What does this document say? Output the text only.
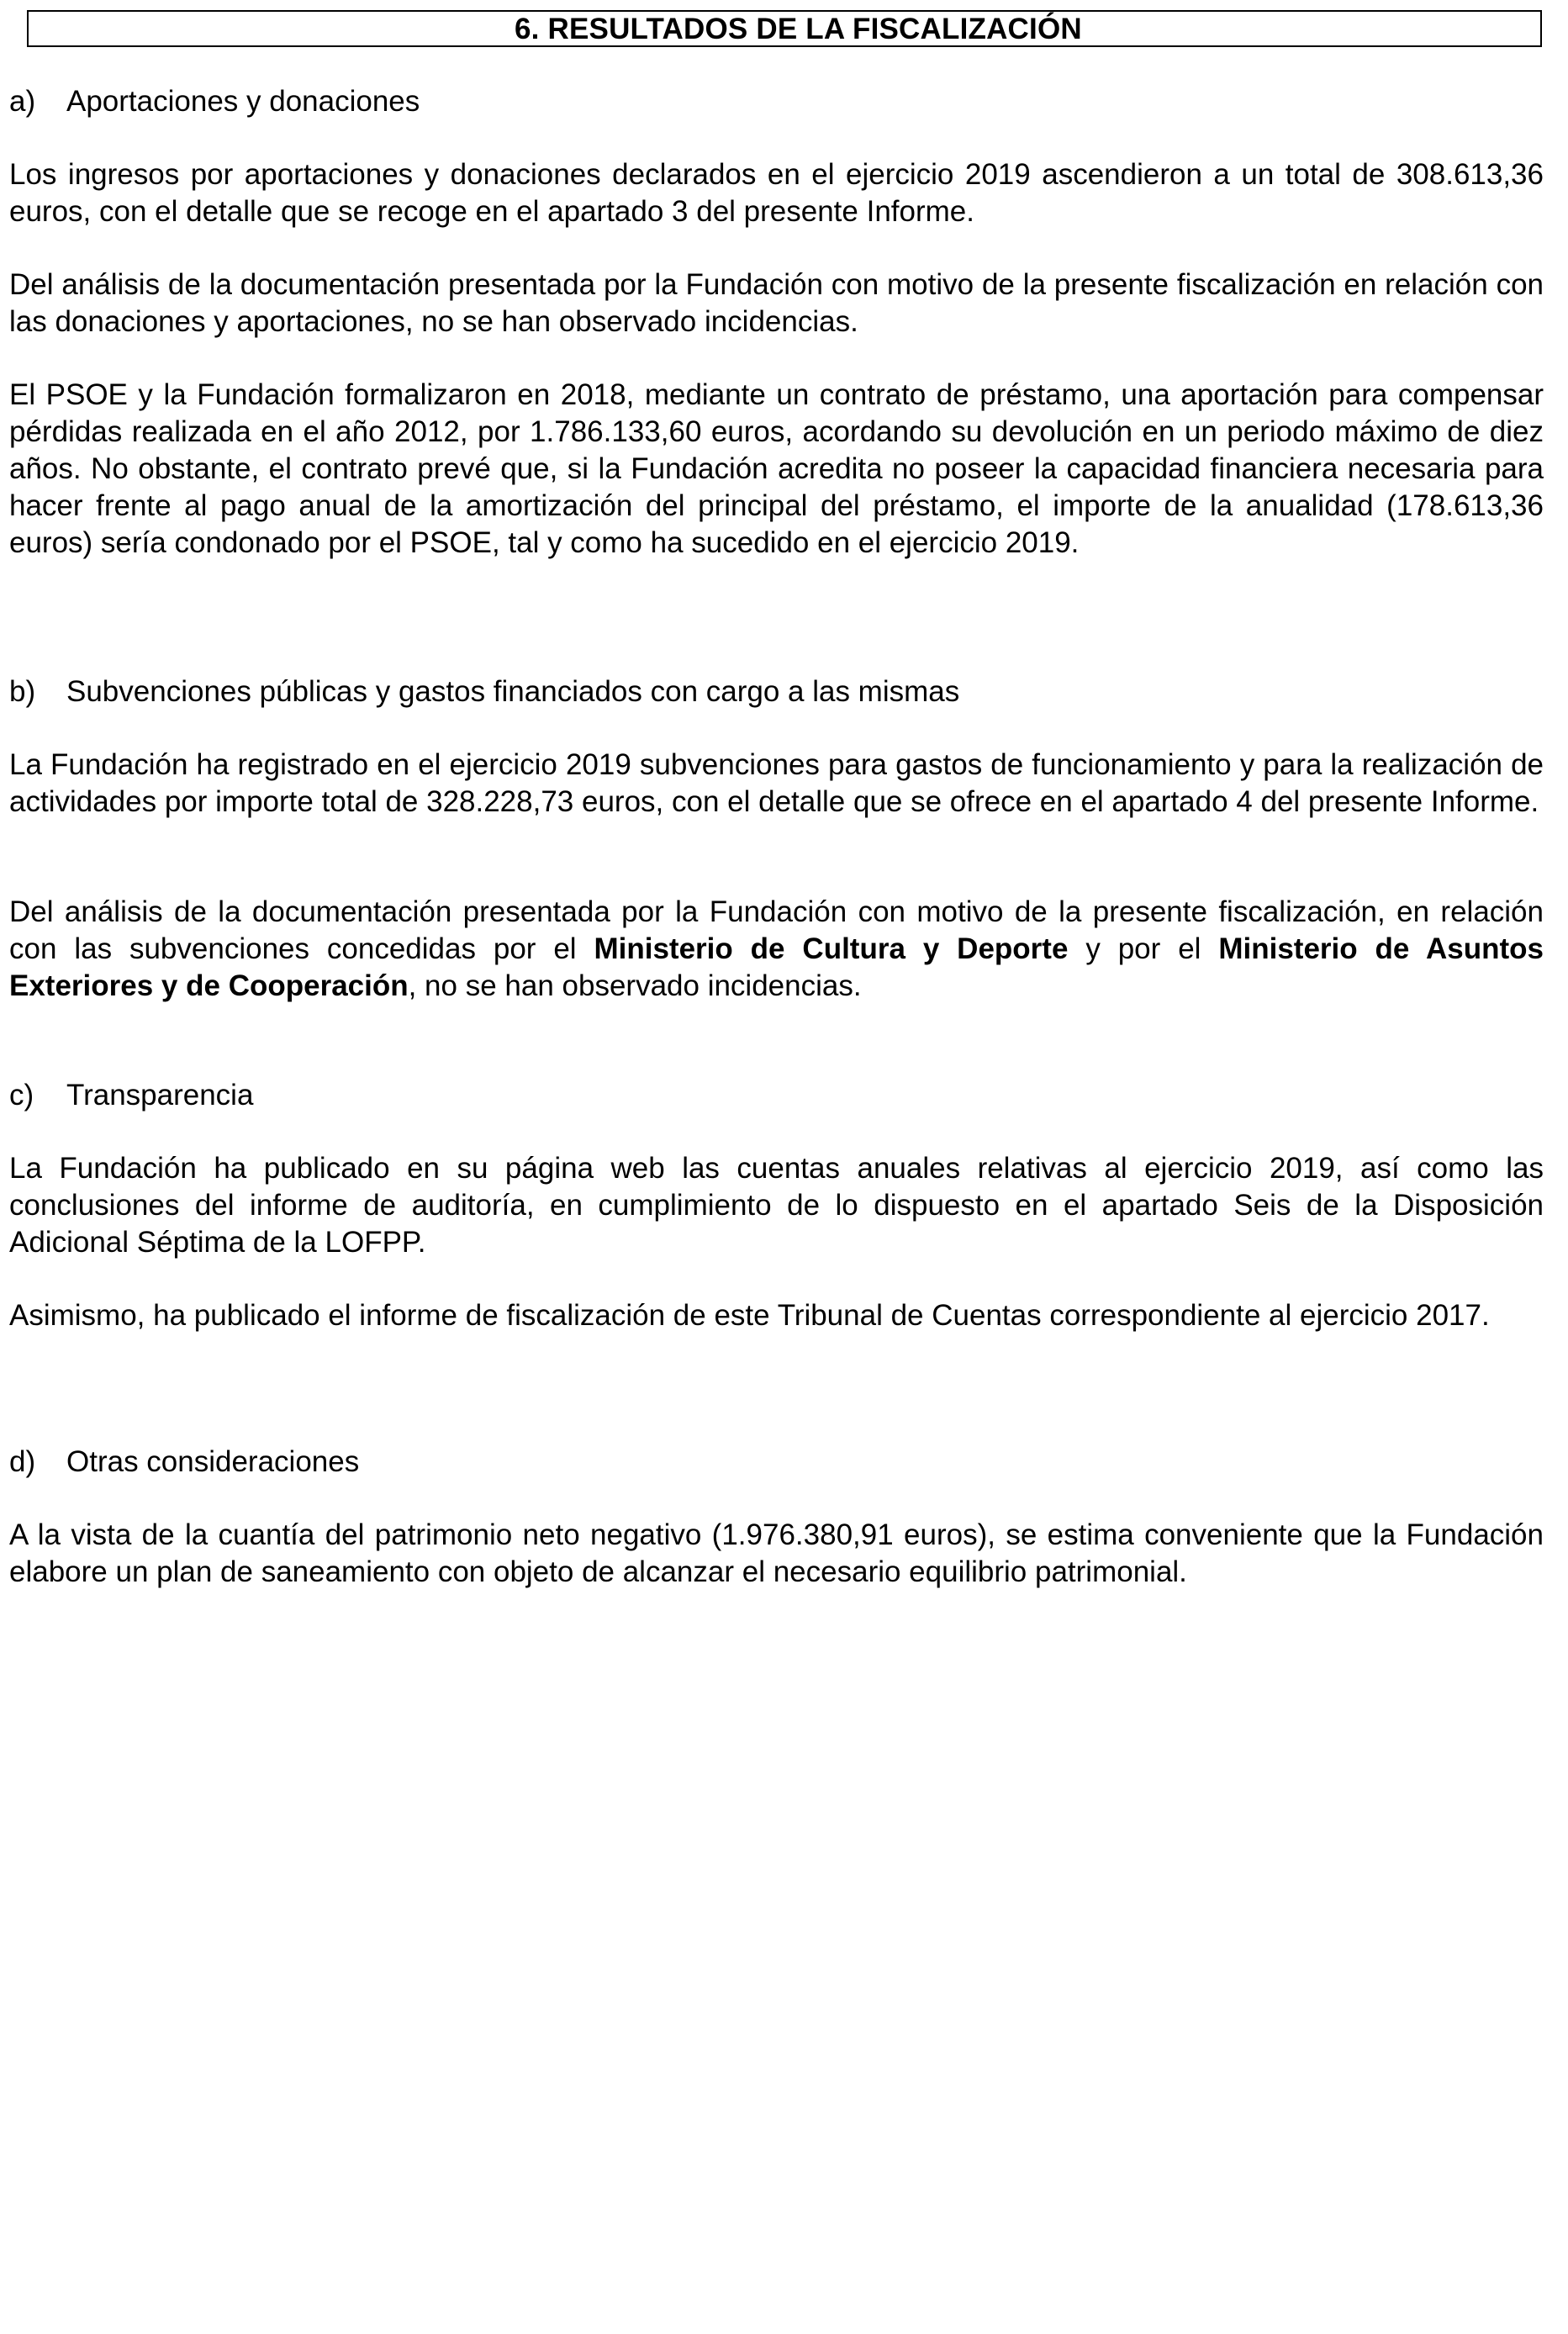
6. RESULTADOS DE LA FISCALIZACIÓN
a) Aportaciones y donaciones

Los ingresos por aportaciones y donaciones declarados en el ejercicio 2019 ascendieron a un total de 308.613,36 euros, con el detalle que se recoge en el apartado 3 del presente Informe.

Del análisis de la documentación presentada por la Fundación con motivo de la presente fiscalización en relación con las donaciones y aportaciones, no se han observado incidencias.

El PSOE y la Fundación formalizaron en 2018, mediante un contrato de préstamo, una aportación para compensar pérdidas realizada en el año 2012, por 1.786.133,60 euros, acordando su devolución en un periodo máximo de diez años. No obstante, el contrato prevé que, si la Fundación acredita no poseer la capacidad financiera necesaria para hacer frente al pago anual de la amortización del principal del préstamo, el importe de la anualidad (178.613,36 euros) sería condonado por el PSOE, tal y como ha sucedido en el ejercicio 2019.

b) Subvenciones públicas y gastos financiados con cargo a las mismas

La Fundación ha registrado en el ejercicio 2019 subvenciones para gastos de funcionamiento y para la realización de actividades por importe total de 328.228,73 euros, con el detalle que se ofrece en el apartado 4 del presente Informe.

Del análisis de la documentación presentada por la Fundación con motivo de la presente fiscalización, en relación con las subvenciones concedidas por el Ministerio de Cultura y Deporte y por el Ministerio de Asuntos Exteriores y de Cooperación, no se han observado incidencias.

c) Transparencia

La Fundación ha publicado en su página web las cuentas anuales relativas al ejercicio 2019, así como las conclusiones del informe de auditoría, en cumplimiento de lo dispuesto en el apartado Seis de la Disposición Adicional Séptima de la LOFPP.

Asimismo, ha publicado el informe de fiscalización de este Tribunal de Cuentas correspondiente al ejercicio 2017.

d) Otras consideraciones

A la vista de la cuantía del patrimonio neto negativo (1.976.380,91 euros), se estima conveniente que la Fundación elabore un plan de saneamiento con objeto de alcanzar el necesario equilibrio patrimonial.
